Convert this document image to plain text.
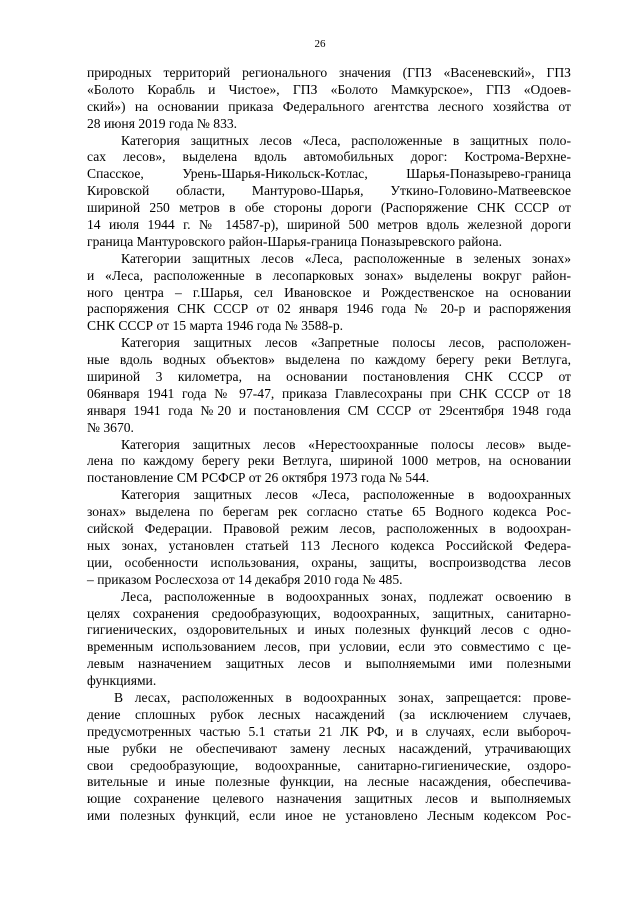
26
природных территорий регионального значения (ГПЗ «Васеневский», ГПЗ
«Болото Корабль и Чистое», ГПЗ «Болото Мамкурское», ГПЗ «Одоев-
ский») на основании приказа Федерального агентства лесного хозяйства от
28 июня 2019 года № 833.
Категория защитных лесов «Леса, расположенные в защитных поло-
сах лесов», выделена вдоль автомобильных дорог: Кострома-Верхне-
Спасское, Урень-Шарья-Никольск-Котлас, Шарья-Поназырево-граница
Кировской области, Мантурово-Шарья, Уткино-Головино-Матвеевское
шириной 250 метров в обе стороны дороги (Распоряжение СНК СССР от
14 июля 1944 г. № 14587-р), шириной 500 метров вдоль железной дороги
граница Мантуровского район-Шарья-граница Поназыревского района.
Категории защитных лесов «Леса, расположенные в зеленых зонах»
и «Леса, расположенные в лесопарковых зонах» выделены вокруг район-
ного центра – г.Шарья, сел Ивановское и Рождественское на основании
распоряжения СНК СССР от 02 января 1946 года № 20-р и распоряжения
СНК СССР от 15 марта 1946 года № 3588-р.
Категория защитных лесов «Запретные полосы лесов, расположен-
ные вдоль водных объектов» выделена по каждому берегу реки Ветлуга,
шириной 3 километра, на основании постановления СНК СССР от
06января 1941 года № 97-47, приказа Главлесохраны при СНК СССР от 18
января 1941 года №20 и постановления СМ СССР от 29сентября 1948 года
№ 3670.
Категория защитных лесов «Нерестоохранные полосы лесов» выде-
лена по каждому берегу реки Ветлуга, шириной 1000 метров, на основании
постановление СМ РСФСР от 26 октября 1973 года № 544.
Категория защитных лесов «Леса, расположенные в водоохранных
зонах» выделена по берегам рек согласно статье 65 Водного кодекса Рос-
сийской Федерации. Правовой режим лесов, расположенных в водоохран-
ных зонах, установлен статьей 113 Лесного кодекса Российской Федера-
ции, особенности использования, охраны, защиты, воспроизводства лесов
– приказом Рослесхоза от 14 декабря 2010 года № 485.
Леса, расположенные в водоохранных зонах, подлежат освоению в
целях сохранения средообразующих, водоохранных, защитных, санитарно-
гигиенических, оздоровительных и иных полезных функций лесов с одно-
временным использованием лесов, при условии, если это совместимо с це-
левым назначением защитных лесов и выполняемыми ими полезными
функциями.
В лесах, расположенных в водоохранных зонах, запрещается: прове-
дение сплошных рубок лесных насаждений (за исключением случаев,
предусмотренных частью 5.1 статьи 21 ЛК РФ, и в случаях, если выбороч-
ные рубки не обеспечивают замену лесных насаждений, утрачивающих
свои средообразующие, водоохранные, санитарно-гигиенические, оздоро-
вительные и иные полезные функции, на лесные насаждения, обеспечива-
ющие сохранение целевого назначения защитных лесов и выполняемых
ими полезных функций, если иное не установлено Лесным кодексом Рос-
